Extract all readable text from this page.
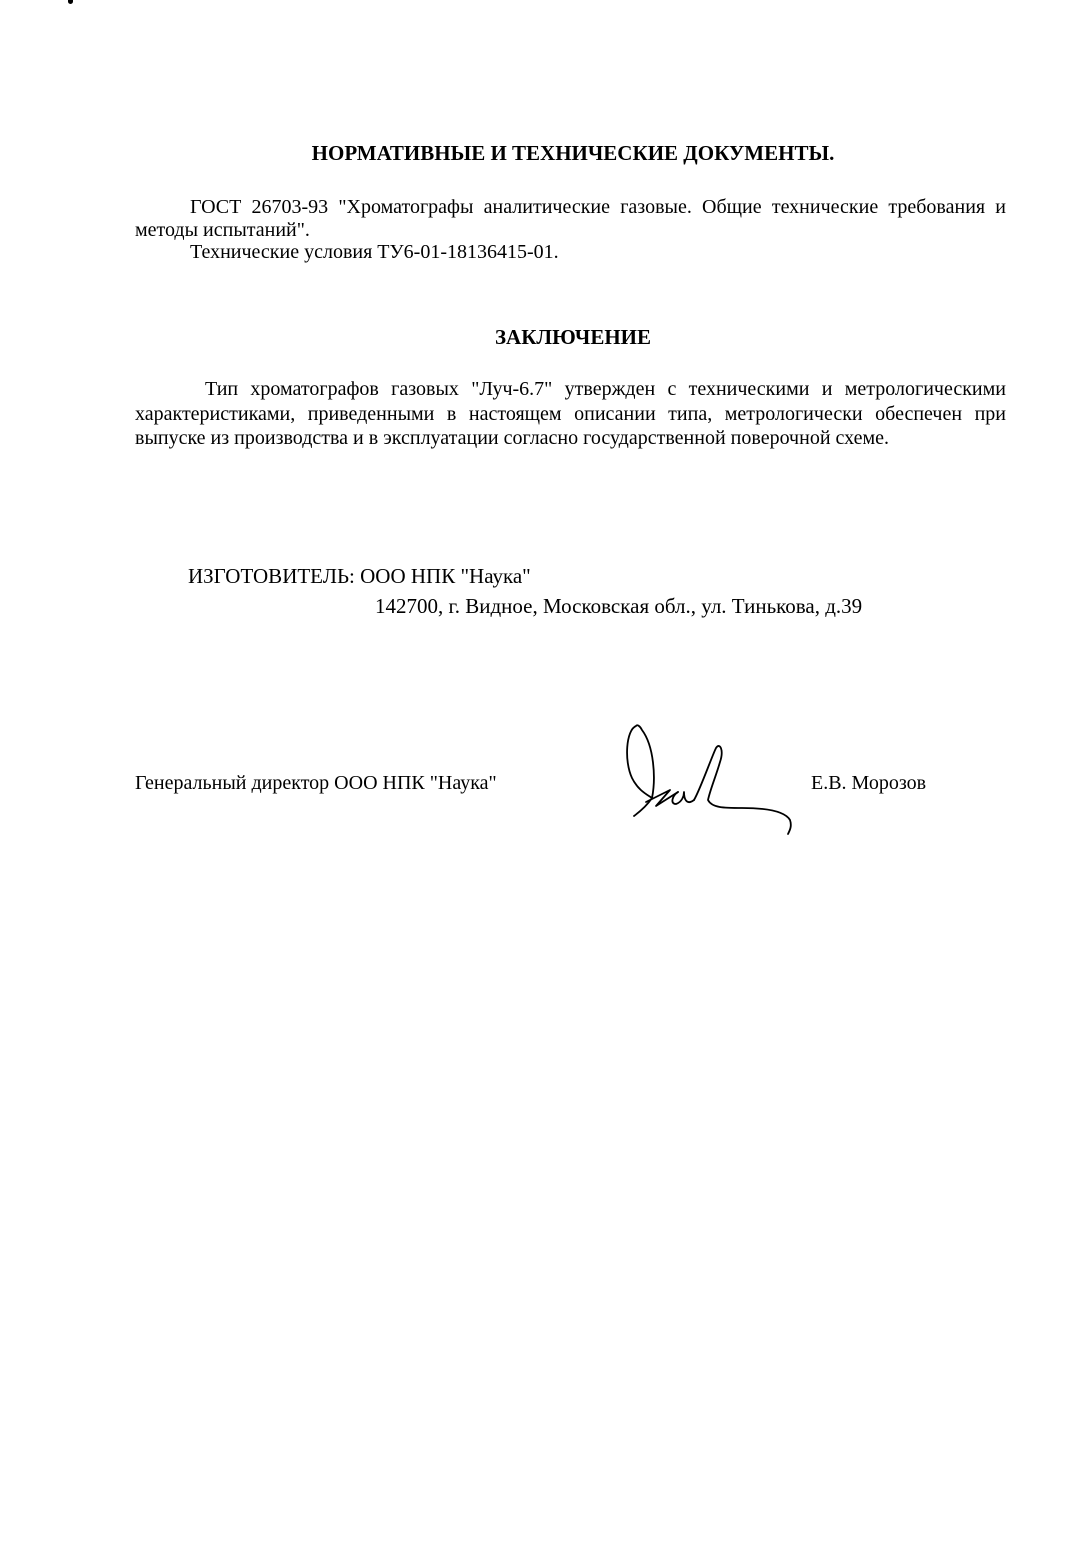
НОРМАТИВНЫЕ И ТЕХНИЧЕСКИЕ ДОКУМЕНТЫ.
ГОСТ 26703-93 "Хроматографы аналитические газовые. Общие технические требования и методы испытаний".
Технические условия ТУ6-01-18136415-01.
ЗАКЛЮЧЕНИЕ
Тип хроматографов газовых "Луч-6.7" утвержден с техническими и метрологическими характеристиками, приведенными в настоящем описании типа, метрологически обеспечен при выпуске из производства и в эксплуатации согласно государственной поверочной схеме.
ИЗГОТОВИТЕЛЬ: ООО НПК "Наука"
142700, г. Видное, Московская обл., ул. Тинькова, д.39
Генеральный директор ООО НПК "Наука"	Е.В. Морозов
